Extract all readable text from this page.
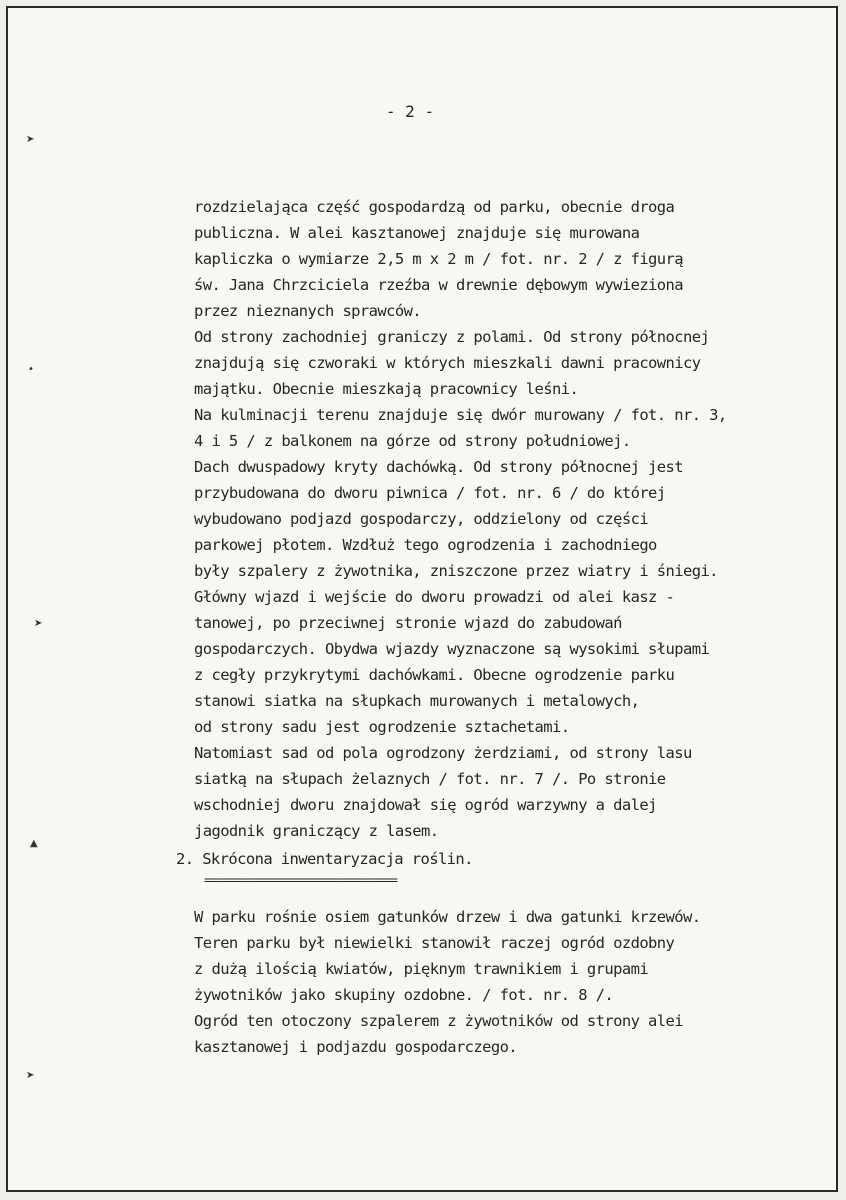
➤
•
➤
▲
➤
- 2 -
rozdzielająca część gospodardzą od parku, obecnie droga
publiczna. W alei kasztanowej znajduje się murowana
kapliczka o wymiarze 2,5 m x 2 m / fot. nr. 2 / z figurą
św. Jana Chrzciciela rzeźba w drewnie dębowym wywieziona
przez nieznanych sprawców.
Od strony zachodniej graniczy z polami. Od strony północnej
znajdują się czworaki w których mieszkali dawni pracownicy
majątku. Obecnie mieszkają pracownicy leśni.
Na kulminacji terenu znajduje się dwór murowany / fot. nr. 3,
4 i 5 / z balkonem na górze od strony południowej.
Dach dwuspadowy kryty dachówką. Od strony północnej jest
przybudowana do dworu piwnica / fot. nr. 6 / do której
wybudowano podjazd gospodarczy, oddzielony od części
parkowej płotem. Wzdłuż tego ogrodzenia i zachodniego
były szpalery z żywotnika, zniszczone przez wiatry i śniegi.
Główny wjazd i wejście do dworu prowadzi od alei kasz -
tanowej, po przeciwnej stronie wjazd do zabudowań
gospodarczych. Obydwa wjazdy wyznaczone są wysokimi słupami
z cegły przykrytymi dachówkami. Obecne ogrodzenie parku
stanowi siatka na słupkach murowanych i metalowych,
od strony sadu jest ogrodzenie sztachetami.
Natomiast sad od pola ogrodzony żerdziami, od strony lasu
siatką na słupach żelaznych / fot. nr. 7 /. Po stronie
wschodniej dworu znajdował się ogród warzywny a dalej
jagodnik graniczący z lasem.
2. Skrócona inwentaryzacja roślin.
================================
W parku rośnie osiem gatunków drzew i dwa gatunki krzewów.
Teren parku był niewielki stanowił raczej ogród ozdobny
z dużą ilością kwiatów, pięknym trawnikiem i grupami
żywotników jako skupiny ozdobne. / fot. nr. 8 /.
Ogród ten otoczony szpalerem z żywotników od strony alei
kasztanowej i podjazdu gospodarczego.
